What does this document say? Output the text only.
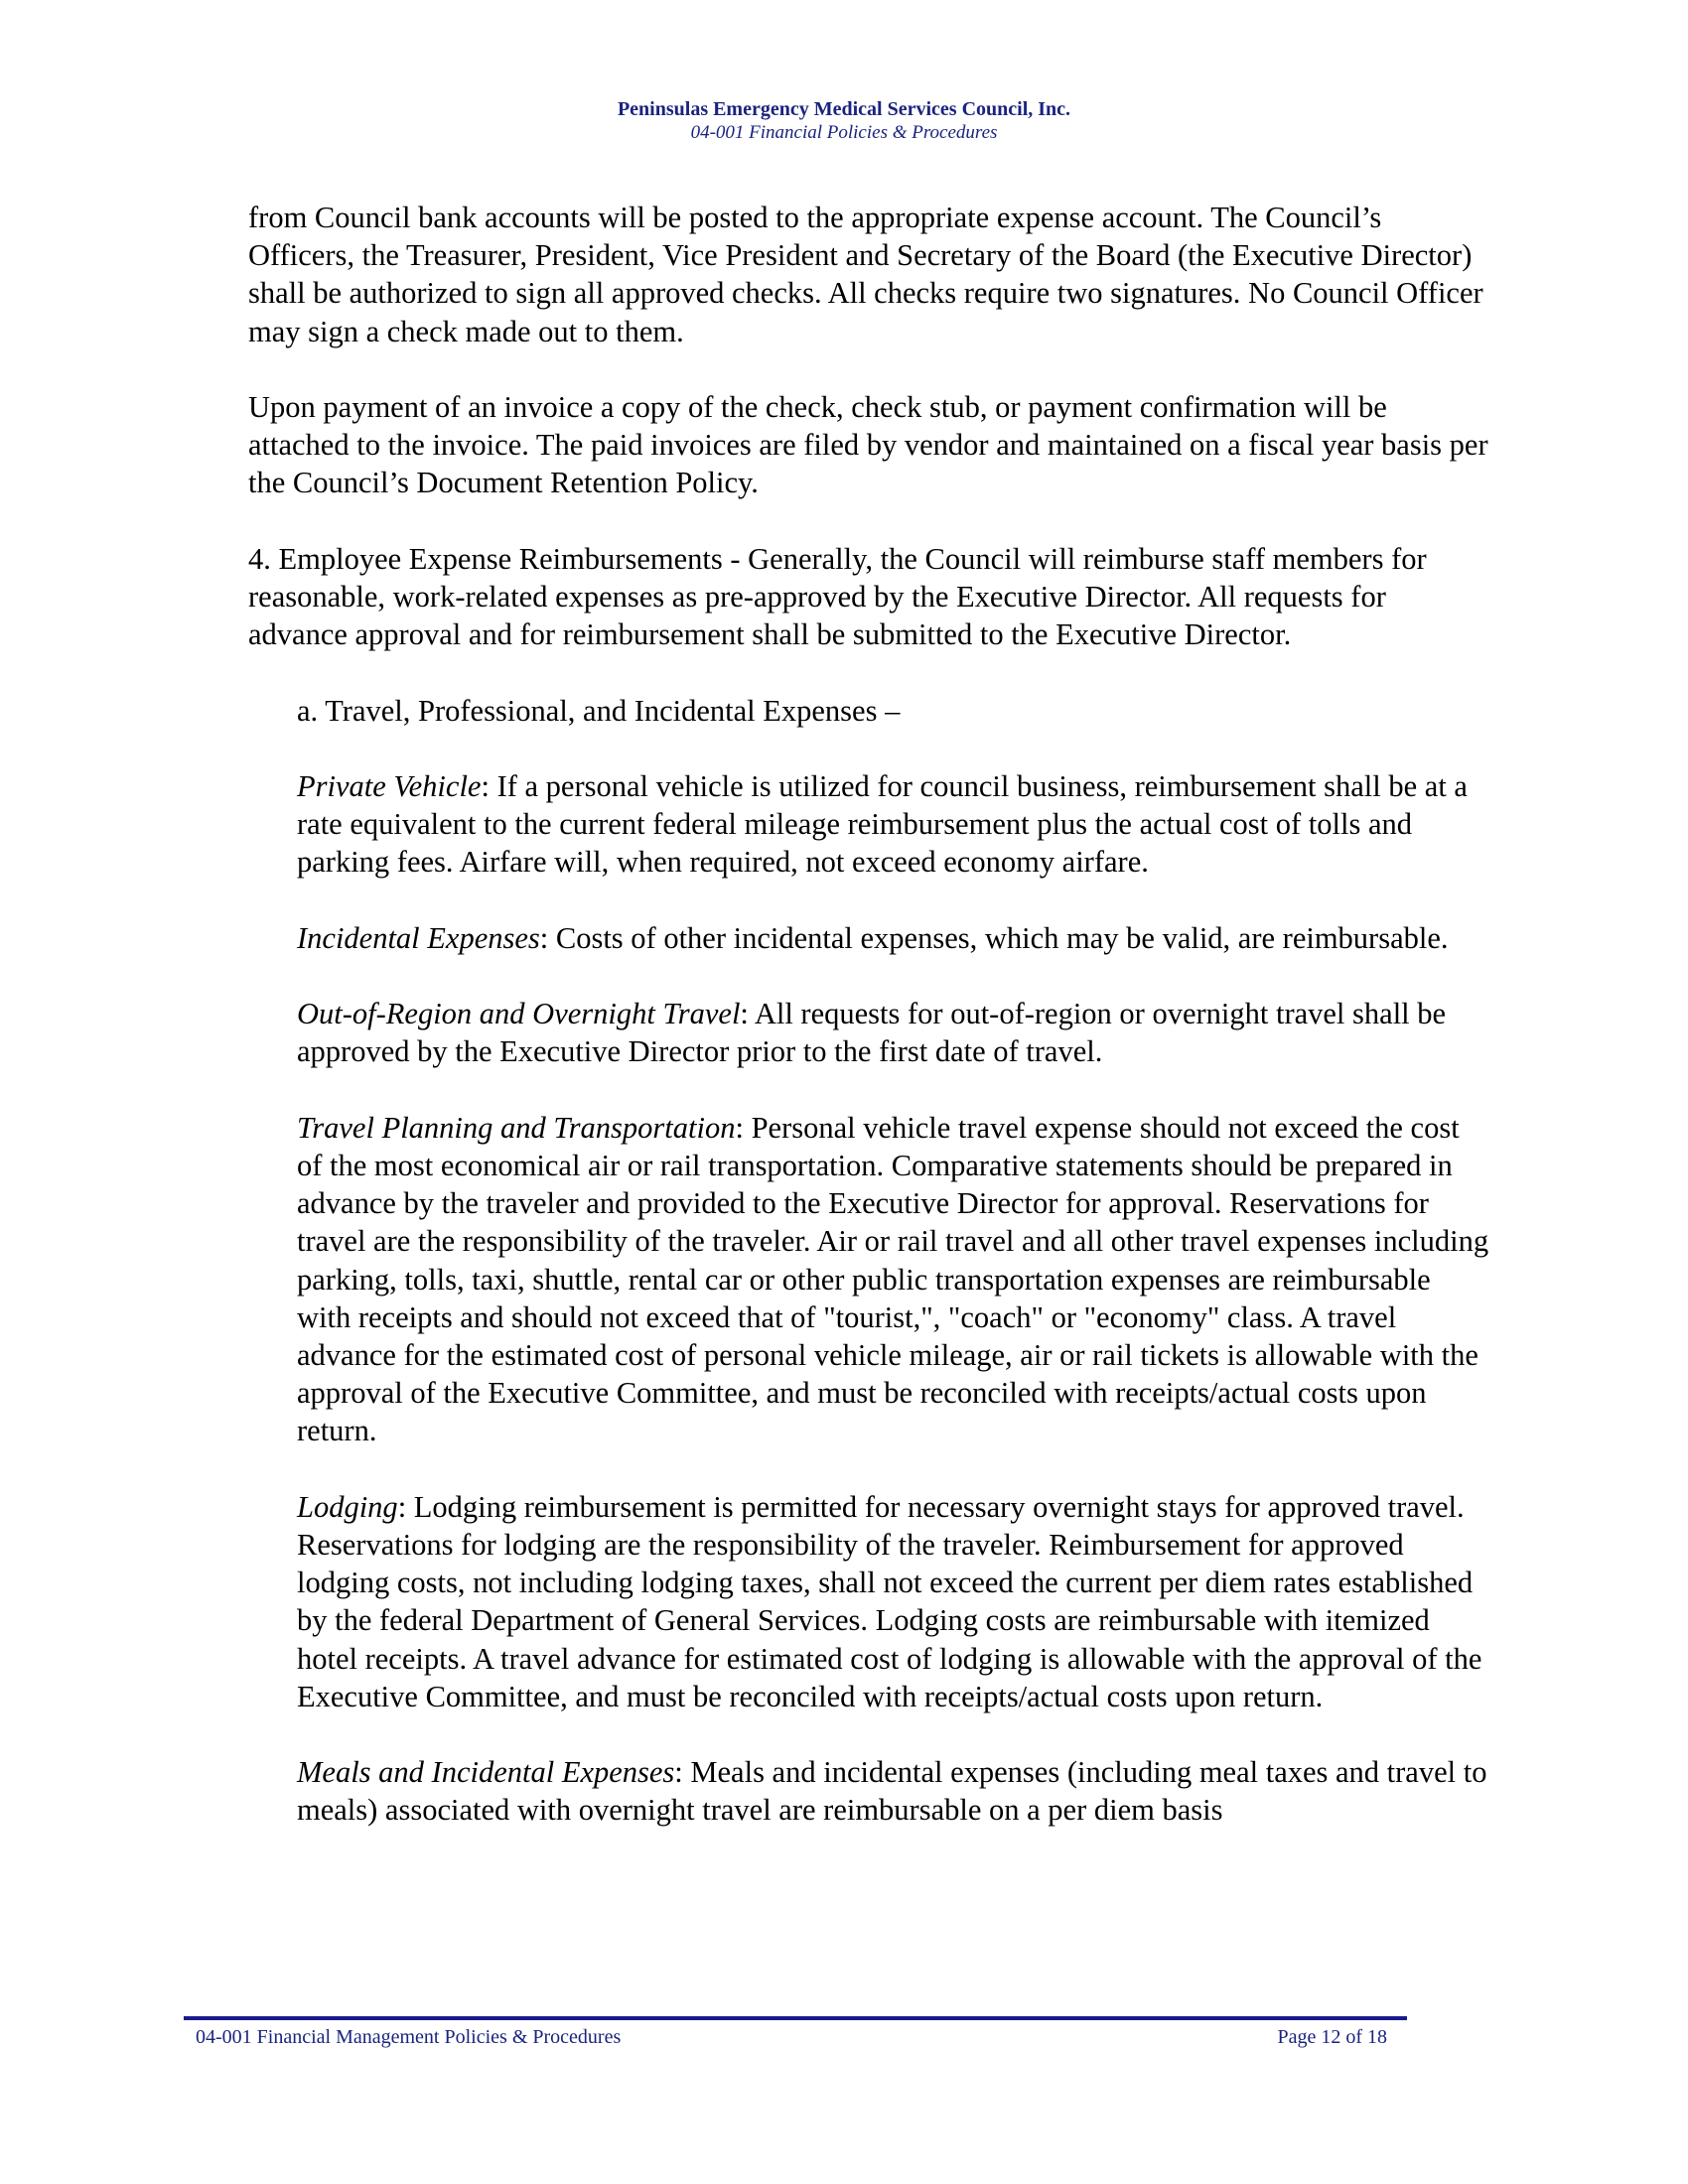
Peninsulas Emergency Medical Services Council, Inc.
04-001 Financial Policies & Procedures

from Council bank accounts will be posted to the appropriate expense account. The Council’s Officers, the Treasurer, President, Vice President and Secretary of the Board (the Executive Director) shall be authorized to sign all approved checks. All checks require two signatures. No Council Officer may sign a check made out to them.

Upon payment of an invoice a copy of the check, check stub, or payment confirmation will be attached to the invoice. The paid invoices are filed by vendor and maintained on a fiscal year basis per the Council’s Document Retention Policy.

4. Employee Expense Reimbursements - Generally, the Council will reimburse staff members for reasonable, work-related expenses as pre-approved by the Executive Director. All requests for advance approval and for reimbursement shall be submitted to the Executive Director.

a. Travel, Professional, and Incidental Expenses –

Private Vehicle: If a personal vehicle is utilized for council business, reimbursement shall be at a rate equivalent to the current federal mileage reimbursement plus the actual cost of tolls and parking fees. Airfare will, when required, not exceed economy airfare.

Incidental Expenses: Costs of other incidental expenses, which may be valid, are reimbursable.

Out-of-Region and Overnight Travel: All requests for out-of-region or overnight travel shall be approved by the Executive Director prior to the first date of travel.

Travel Planning and Transportation: Personal vehicle travel expense should not exceed the cost of the most economical air or rail transportation. Comparative statements should be prepared in advance by the traveler and provided to the Executive Director for approval. Reservations for travel are the responsibility of the traveler. Air or rail travel and all other travel expenses including parking, tolls, taxi, shuttle, rental car or other public transportation expenses are reimbursable with receipts and should not exceed that of "tourist,", "coach" or "economy" class. A travel advance for the estimated cost of personal vehicle mileage, air or rail tickets is allowable with the approval of the Executive Committee, and must be reconciled with receipts/actual costs upon return.

Lodging: Lodging reimbursement is permitted for necessary overnight stays for approved travel. Reservations for lodging are the responsibility of the traveler. Reimbursement for approved lodging costs, not including lodging taxes, shall not exceed the current per diem rates established by the federal Department of General Services. Lodging costs are reimbursable with itemized hotel receipts. A travel advance for estimated cost of lodging is allowable with the approval of the Executive Committee, and must be reconciled with receipts/actual costs upon return.

Meals and Incidental Expenses: Meals and incidental expenses (including meal taxes and travel to meals) associated with overnight travel are reimbursable on a per diem basis

04-001 Financial Management Policies & Procedures	Page 12 of 18
